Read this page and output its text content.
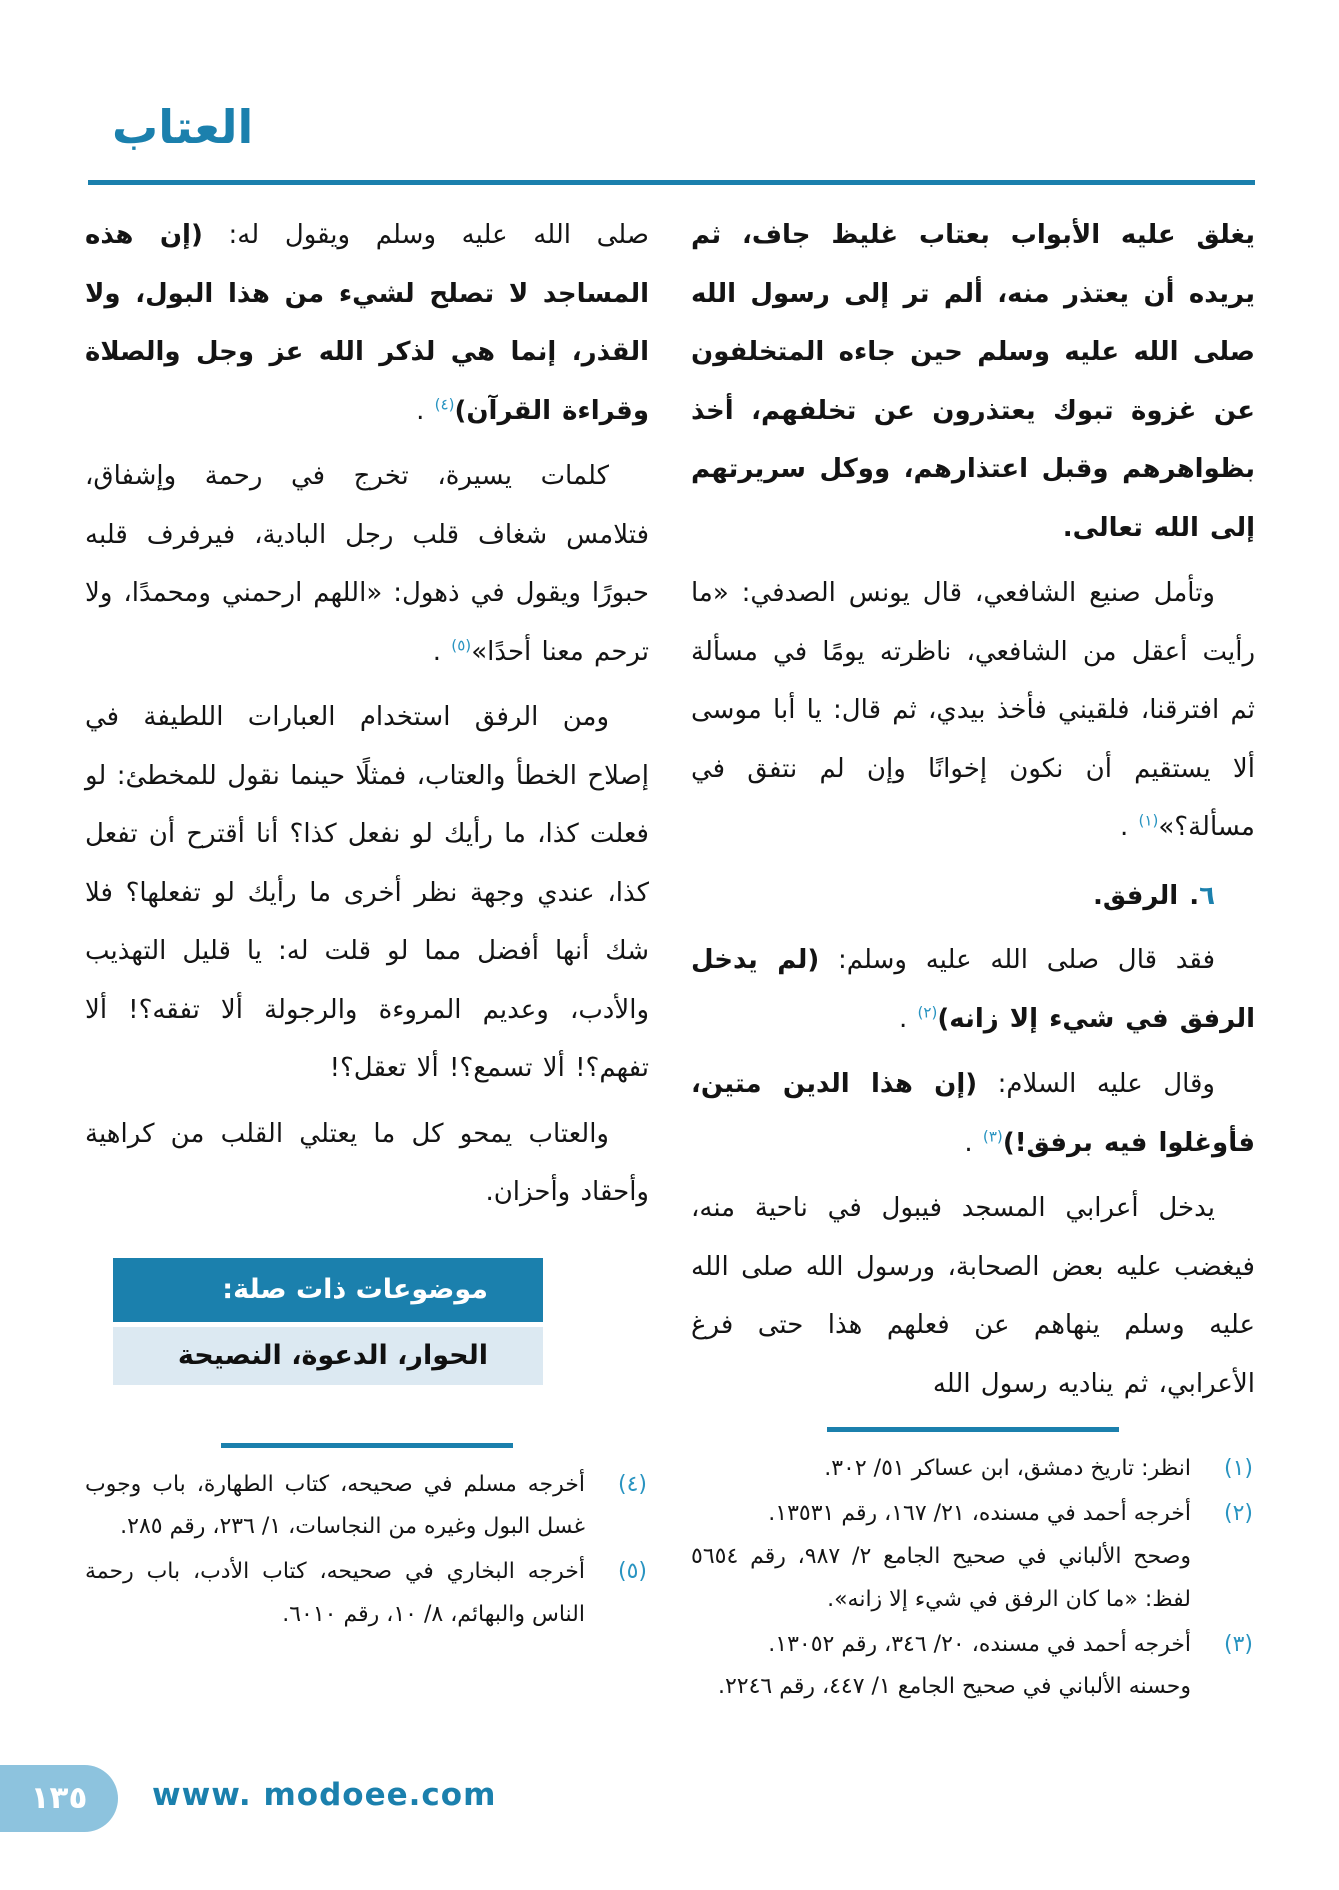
العتاب
يغلق عليه الأبواب بعتاب غليظ جاف، ثم يريده أن يعتذر منه، ألم تر إلى رسول الله صلى الله عليه وسلم حين جاءه المتخلفون عن غزوة تبوك يعتذرون عن تخلفهم، أخذ بظواهرهم وقبل اعتذارهم، ووكل سريرتهم إلى الله تعالى.
وتأمل صنيع الشافعي، قال يونس الصدفي: «ما رأيت أعقل من الشافعي، ناظرته يومًا في مسألة ثم افترقنا، فلقيني فأخذ بيدي، ثم قال: يا أبا موسى ألا يستقيم أن نكون إخوانًا وإن لم نتفق في مسألة؟»$^{(١)}$ .
٦. الرفق.
فقد قال صلى الله عليه وسلم: (لم يدخل الرفق في شيء إلا زانه)$^{(٢)}$ .
وقال عليه السلام: (إن هذا الدين متين، فأوغلوا فيه برفق!)$^{(٣)}$ .
يدخل أعرابي المسجد فيبول في ناحية منه، فيغضب عليه بعض الصحابة، ورسول الله صلى الله عليه وسلم ينهاهم عن فعلهم هذا حتى فرغ الأعرابي، ثم يناديه رسول الله
(١)
انظر: تاريخ دمشق، ابن عساكر ٥١/ ٣٠٢.
(٢)
أخرجه أحمد في مسنده، ٢١/ ١٦٧، رقم ١٣٥٣١.
وصحح الألباني في صحيح الجامع ٢/ ٩٨٧، رقم ٥٦٥٤ لفظ: «ما كان الرفق في شيء إلا زانه».
(٣)
أخرجه أحمد في مسنده، ٢٠/ ٣٤٦، رقم ١٣٠٥٢.
وحسنه الألباني في صحيح الجامع ١/ ٤٤٧، رقم ٢٢٤٦.
صلى الله عليه وسلم ويقول له: (إن هذه المساجد لا تصلح لشيء من هذا البول، ولا القذر، إنما هي لذكر الله عز وجل والصلاة وقراءة القرآن)$^{(٤)}$ .
كلمات يسيرة، تخرج في رحمة وإشفاق، فتلامس شغاف قلب رجل البادية، فيرفرف قلبه حبورًا ويقول في ذهول: «اللهم ارحمني ومحمدًا، ولا ترحم معنا أحدًا»$^{(٥)}$ .
ومن الرفق استخدام العبارات اللطيفة في إصلاح الخطأ والعتاب، فمثلًا حينما نقول للمخطئ: لو فعلت كذا، ما رأيك لو نفعل كذا؟ أنا أقترح أن تفعل كذا، عندي وجهة نظر أخرى ما رأيك لو تفعلها؟ فلا شك أنها أفضل مما لو قلت له: يا قليل التهذيب والأدب، وعديم المروءة والرجولة ألا تفقه؟! ألا تفهم؟! ألا تسمع؟! ألا تعقل؟!
والعتاب يمحو كل ما يعتلي القلب من كراهية وأحقاد وأحزان.
موضوعات ذات صلة:
الحوار، الدعوة، النصيحة
(٤)
أخرجه مسلم في صحيحه، كتاب الطهارة، باب وجوب غسل البول وغيره من النجاسات، ١/ ٢٣٦، رقم ٢٨٥.
(٥)
أخرجه البخاري في صحيحه، كتاب الأدب، باب رحمة الناس والبهائم، ٨/ ١٠، رقم ٦٠١٠.
١٣٥	www. modoee.com
